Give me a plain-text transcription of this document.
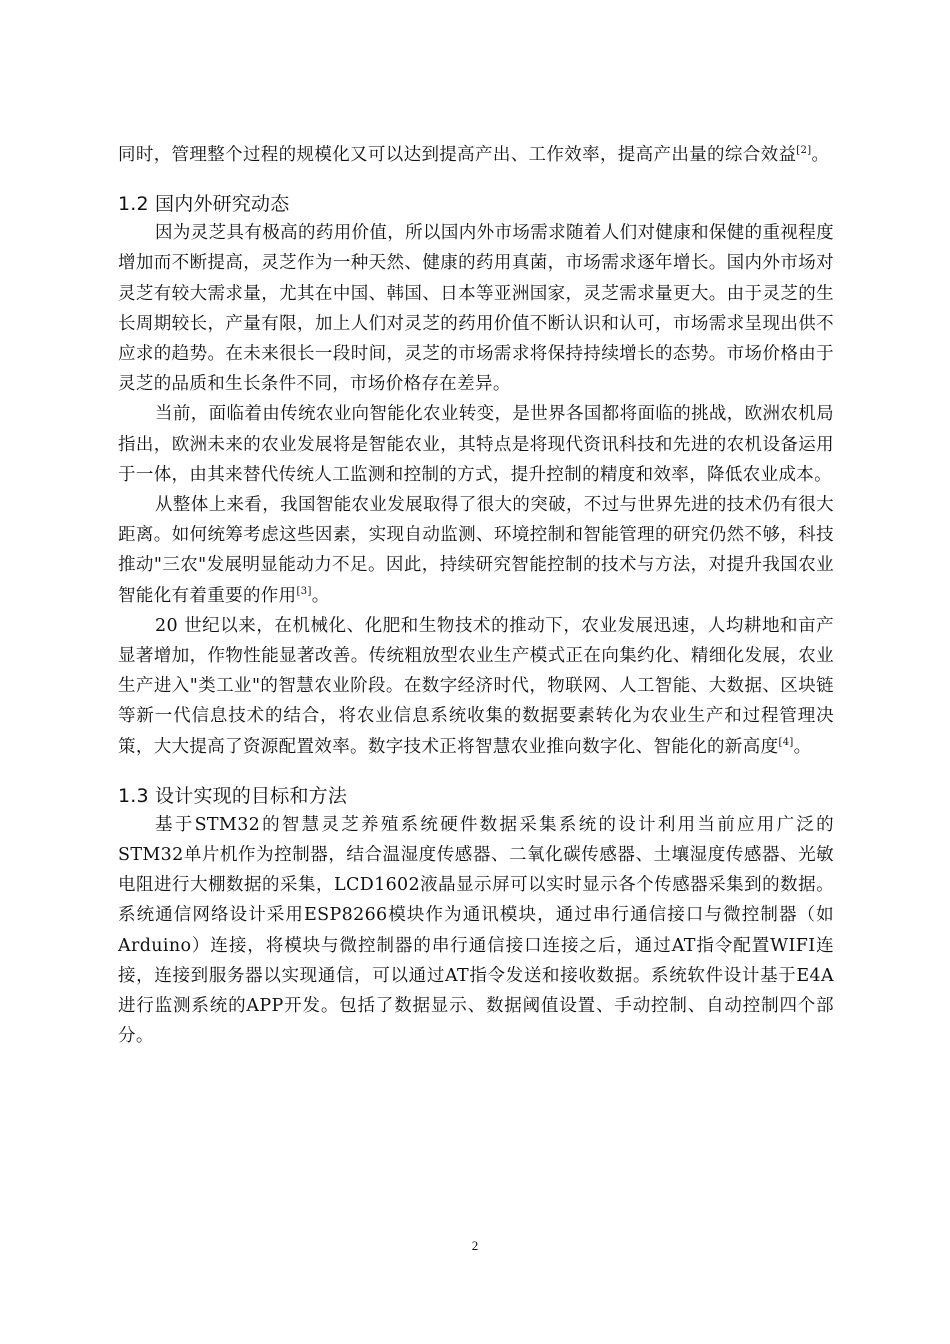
同时，管理整个过程的规模化又可以达到提高产出、工作效率，提高产出量的综合效益[2]。

1.2 国内外研究动态

因为灵芝具有极高的药用价值，所以国内外市场需求随着人们对健康和保健的重视程度增加而不断提高，灵芝作为一种天然、健康的药用真菌，市场需求逐年增长。国内外市场对灵芝有较大需求量，尤其在中国、韩国、日本等亚洲国家，灵芝需求量更大。由于灵芝的生长周期较长，产量有限，加上人们对灵芝的药用价值不断认识和认可，市场需求呈现出供不应求的趋势。在未来很长一段时间，灵芝的市场需求将保持持续增长的态势。市场价格由于灵芝的品质和生长条件不同，市场价格存在差异。

当前，面临着由传统农业向智能化农业转变，是世界各国都将面临的挑战，欧洲农机局指出，欧洲未来的农业发展将是智能农业，其特点是将现代资讯科技和先进的农机设备运用于一体，由其来替代传统人工监测和控制的方式，提升控制的精度和效率，降低农业成本。

从整体上来看，我国智能农业发展取得了很大的突破，不过与世界先进的技术仍有很大距离。如何统筹考虑这些因素，实现自动监测、环境控制和智能管理的研究仍然不够，科技推动"三农"发展明显能动力不足。因此，持续研究智能控制的技术与方法，对提升我国农业智能化有着重要的作用[3]。

20 世纪以来，在机械化、化肥和生物技术的推动下，农业发展迅速，人均耕地和亩产显著增加，作物性能显著改善。传统粗放型农业生产模式正在向集约化、精细化发展，农业生产进入"类工业"的智慧农业阶段。在数字经济时代，物联网、人工智能、大数据、区块链等新一代信息技术的结合，将农业信息系统收集的数据要素转化为农业生产和过程管理决策，大大提高了资源配置效率。数字技术正将智慧农业推向数字化、智能化的新高度[4]。

1.3 设计实现的目标和方法

基于STM32的智慧灵芝养殖系统硬件数据采集系统的设计利用当前应用广泛的STM32单片机作为控制器，结合温湿度传感器、二氧化碳传感器、土壤湿度传感器、光敏电阻进行大棚数据的采集，LCD1602液晶显示屏可以实时显示各个传感器采集到的数据。系统通信网络设计采用ESP8266模块作为通讯模块，通过串行通信接口与微控制器（如Arduino）连接，将模块与微控制器的串行通信接口连接之后，通过AT指令配置WIFI连接，连接到服务器以实现通信，可以通过AT指令发送和接收数据。系统软件设计基于E4A进行监测系统的APP开发。包括了数据显示、数据阈值设置、手动控制、自动控制四个部分。

2
